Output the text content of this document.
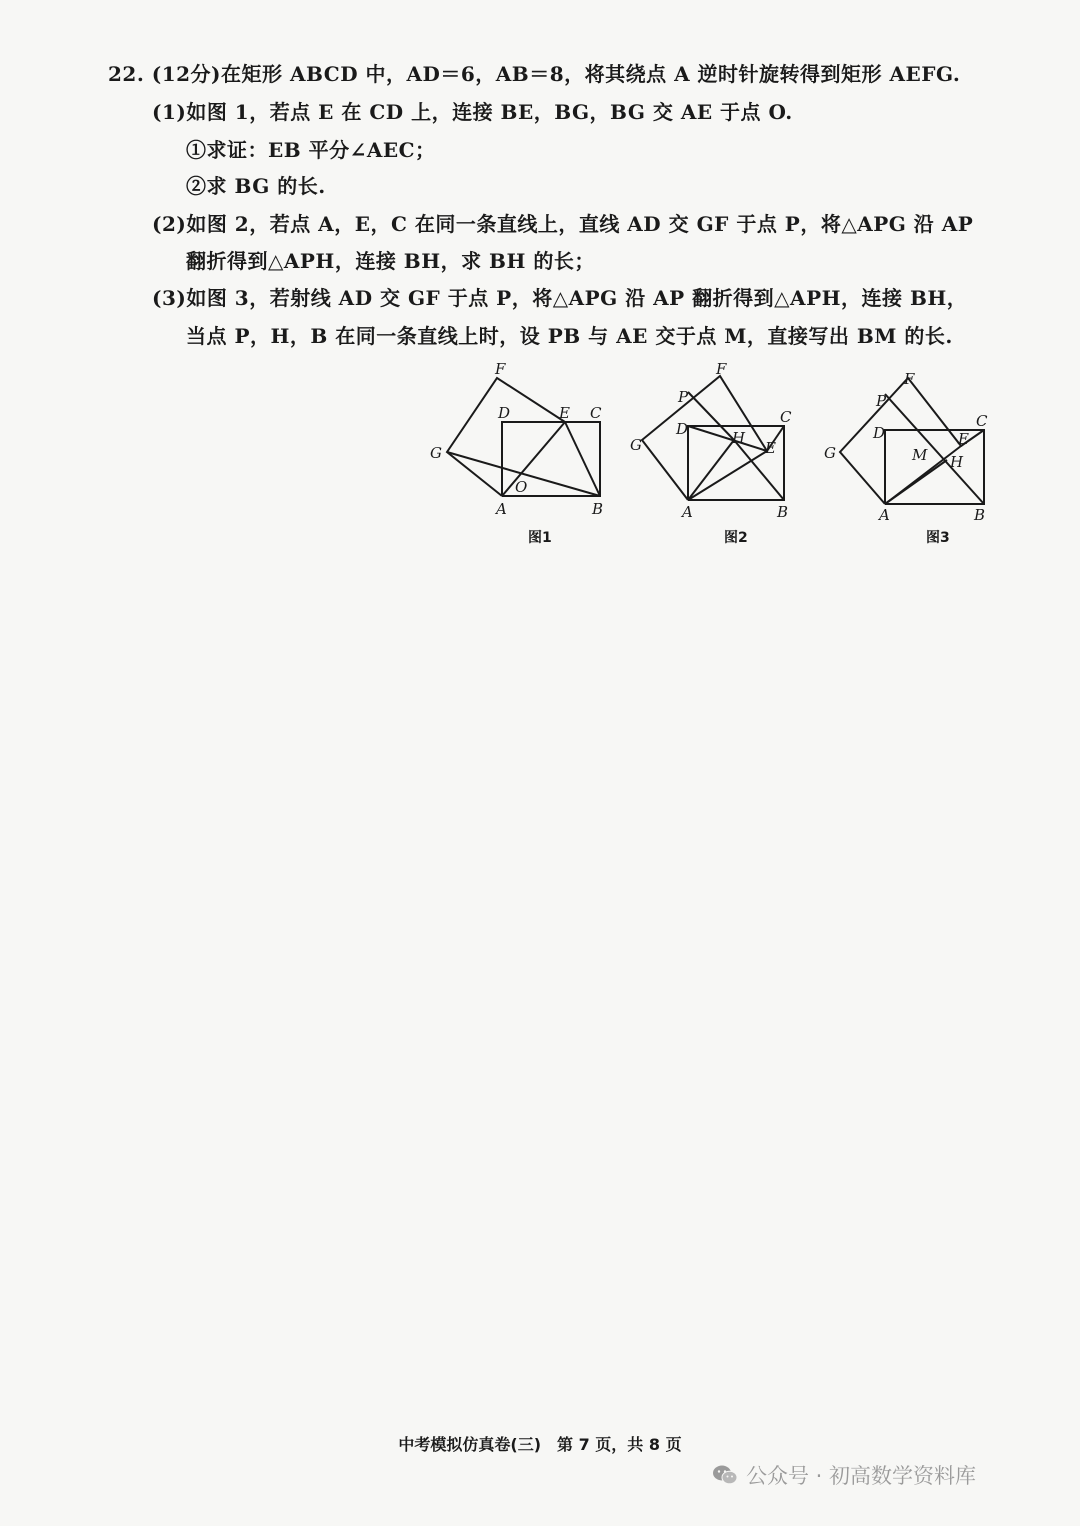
22. (12分)在矩形 ABCD 中，AD＝6，AB＝8，将其绕点 A 逆时针旋转得到矩形 AEFG.
(1)如图 1，若点 E 在 CD 上，连接 BE，BG，BG 交 AE 于点 O.
①求证：EB 平分∠AEC；
②求 BG 的长.
(2)如图 2，若点 A，E，C 在同一条直线上，直线 AD 交 GF 于点 P，将△APG 沿 AP
翻折得到△APH，连接 BH，求 BH 的长；
(3)如图 3，若射线 AD 交 GF 于点 P，将△APG 沿 AP 翻折得到△APH，连接 BH，
当点 P，H，B 在同一条直线上时，设 PB 与 AE 交于点 M，直接写出 BM 的长.
F
D	E C
G
O
A	B
图1
P
F
D
C
H
E
G
A	B
图2
P
F
D
C
E
M H
G
A	B
图3
中考模拟仿真卷(三)　第 7 页，共 8 页
公众号 · 初高数学资料库
